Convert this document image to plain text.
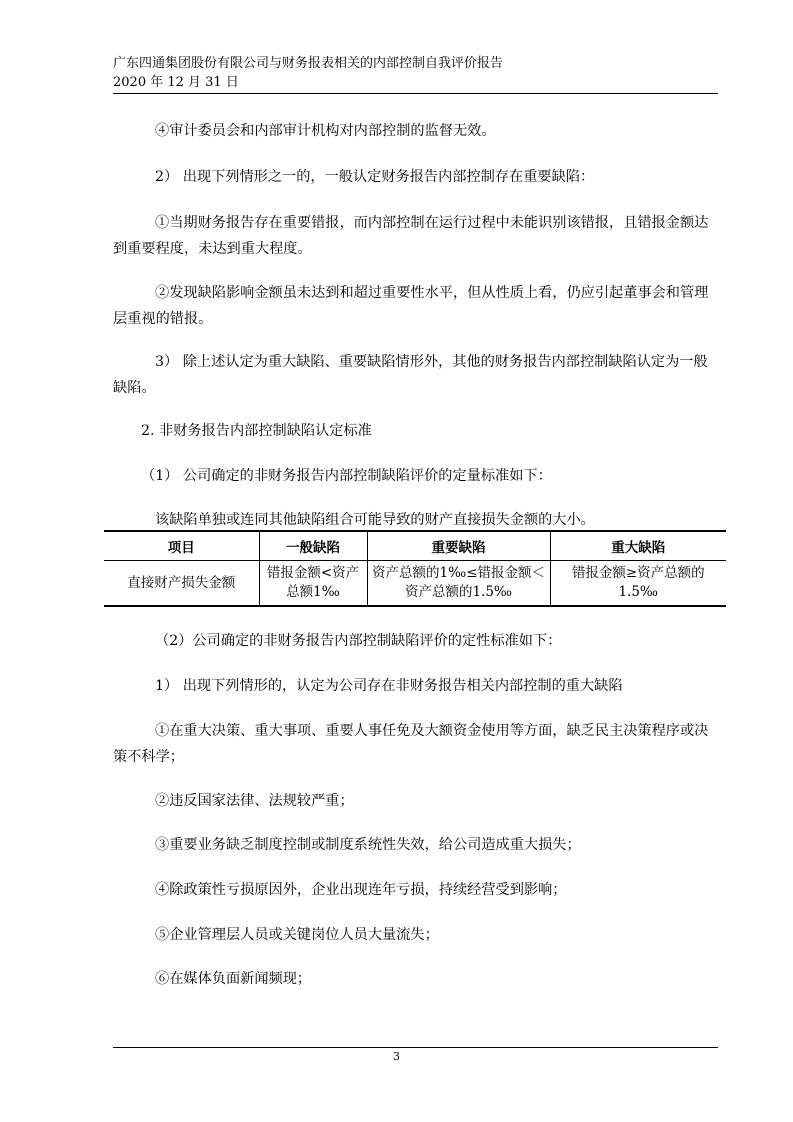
广东四通集团股份有限公司与财务报表相关的内部控制自我评价报告
2020 年 12 月 31 日

④审计委员会和内部审计机构对内部控制的监督无效。

2） 出现下列情形之一的，一般认定财务报告内部控制存在重要缺陷：

①当期财务报告存在重要错报，而内部控制在运行过程中未能识别该错报，且错报金额达到重要程度，未达到重大程度。

②发现缺陷影响金额虽未达到和超过重要性水平，但从性质上看，仍应引起董事会和管理层重视的错报。

3） 除上述认定为重大缺陷、重要缺陷情形外，其他的财务报告内部控制缺陷认定为一般缺陷。

2. 非财务报告内部控制缺陷认定标准

（1） 公司确定的非财务报告内部控制缺陷评价的定量标准如下：

该缺陷单独或连同其他缺陷组合可能导致的财产直接损失金额的大小。

项目	一般缺陷	重要缺陷	重大缺陷
直接财产损失金额	错报金额<资产总额1‰	资产总额的1‰≤错报金额＜资产总额的1.5‰	错报金额≥资产总额的1.5‰

（2）公司确定的非财务报告内部控制缺陷评价的定性标准如下：

1） 出现下列情形的，认定为公司存在非财务报告相关内部控制的重大缺陷

①在重大决策、重大事项、重要人事任免及大额资金使用等方面，缺乏民主决策程序或决策不科学；

②违反国家法律、法规较严重；

③重要业务缺乏制度控制或制度系统性失效，给公司造成重大损失；

④除政策性亏损原因外，企业出现连年亏损，持续经营受到影响；

⑤企业管理层人员或关键岗位人员大量流失；

⑥在媒体负面新闻频现；

3
